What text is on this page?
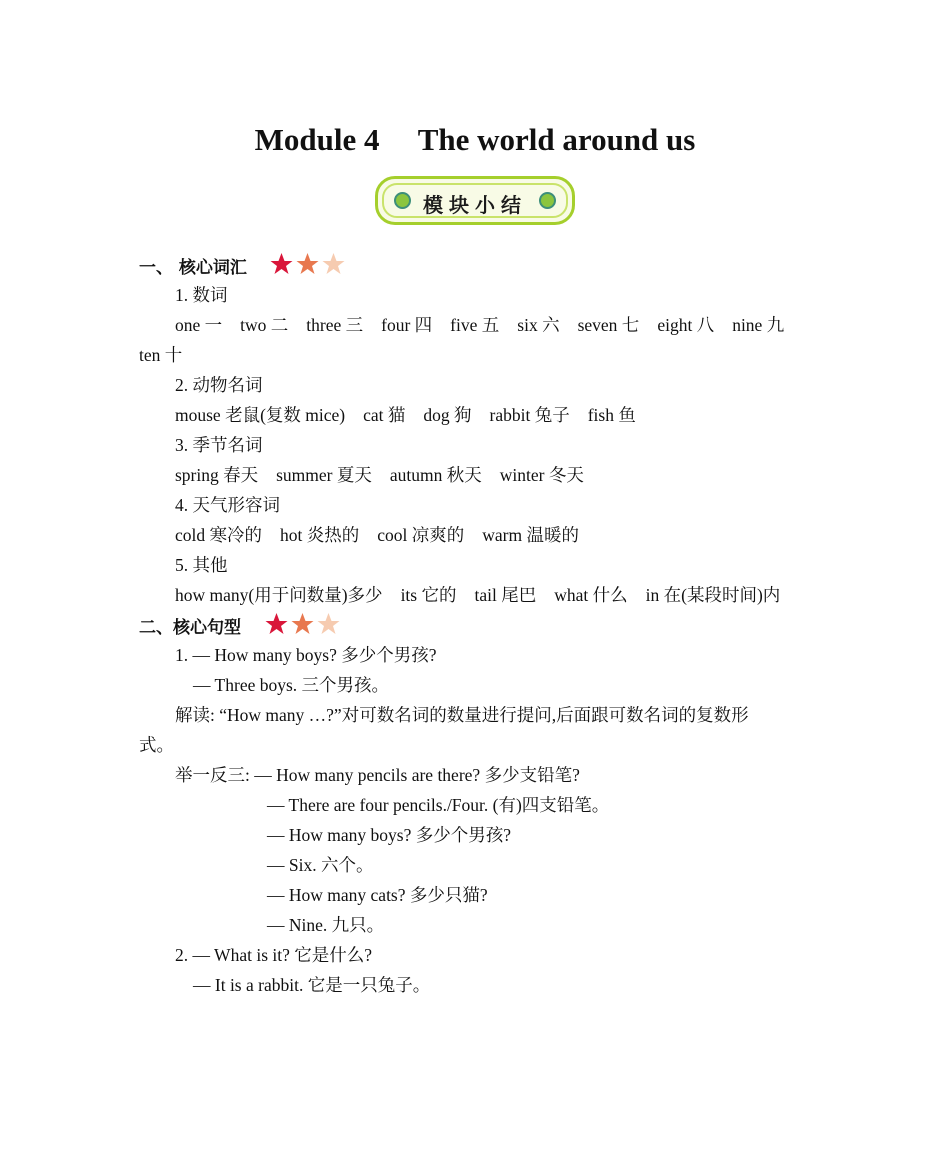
Module 4  The world around us
模块小结
一、 核心词汇
1. 数词
one 一 two 二 three 三 four 四 five 五 six 六 seven 七 eight 八 nine 九
ten 十
2. 动物名词
mouse 老鼠(复数 mice) cat 猫 dog 狗 rabbit 兔子 fish 鱼
3. 季节名词
spring 春天 summer 夏天 autumn 秋天 winter 冬天
4. 天气形容词
cold 寒冷的 hot 炎热的 cool 凉爽的 warm 温暖的
5. 其他
how many(用于问数量)多少 its 它的 tail 尾巴 what 什么 in 在(某段时间)内
二、核心句型
1. — How many boys? 多少个男孩?
— Three boys. 三个男孩。
解读: “How many …?”对可数名词的数量进行提问,后面跟可数名词的复数形
式。
举一反三: — How many pencils are there? 多少支铅笔?
— There are four pencils./Four. (有)四支铅笔。
— How many boys? 多少个男孩?
— Six. 六个。
— How many cats? 多少只猫?
— Nine. 九只。
2. — What is it? 它是什么?
— It is a rabbit. 它是一只兔子。
